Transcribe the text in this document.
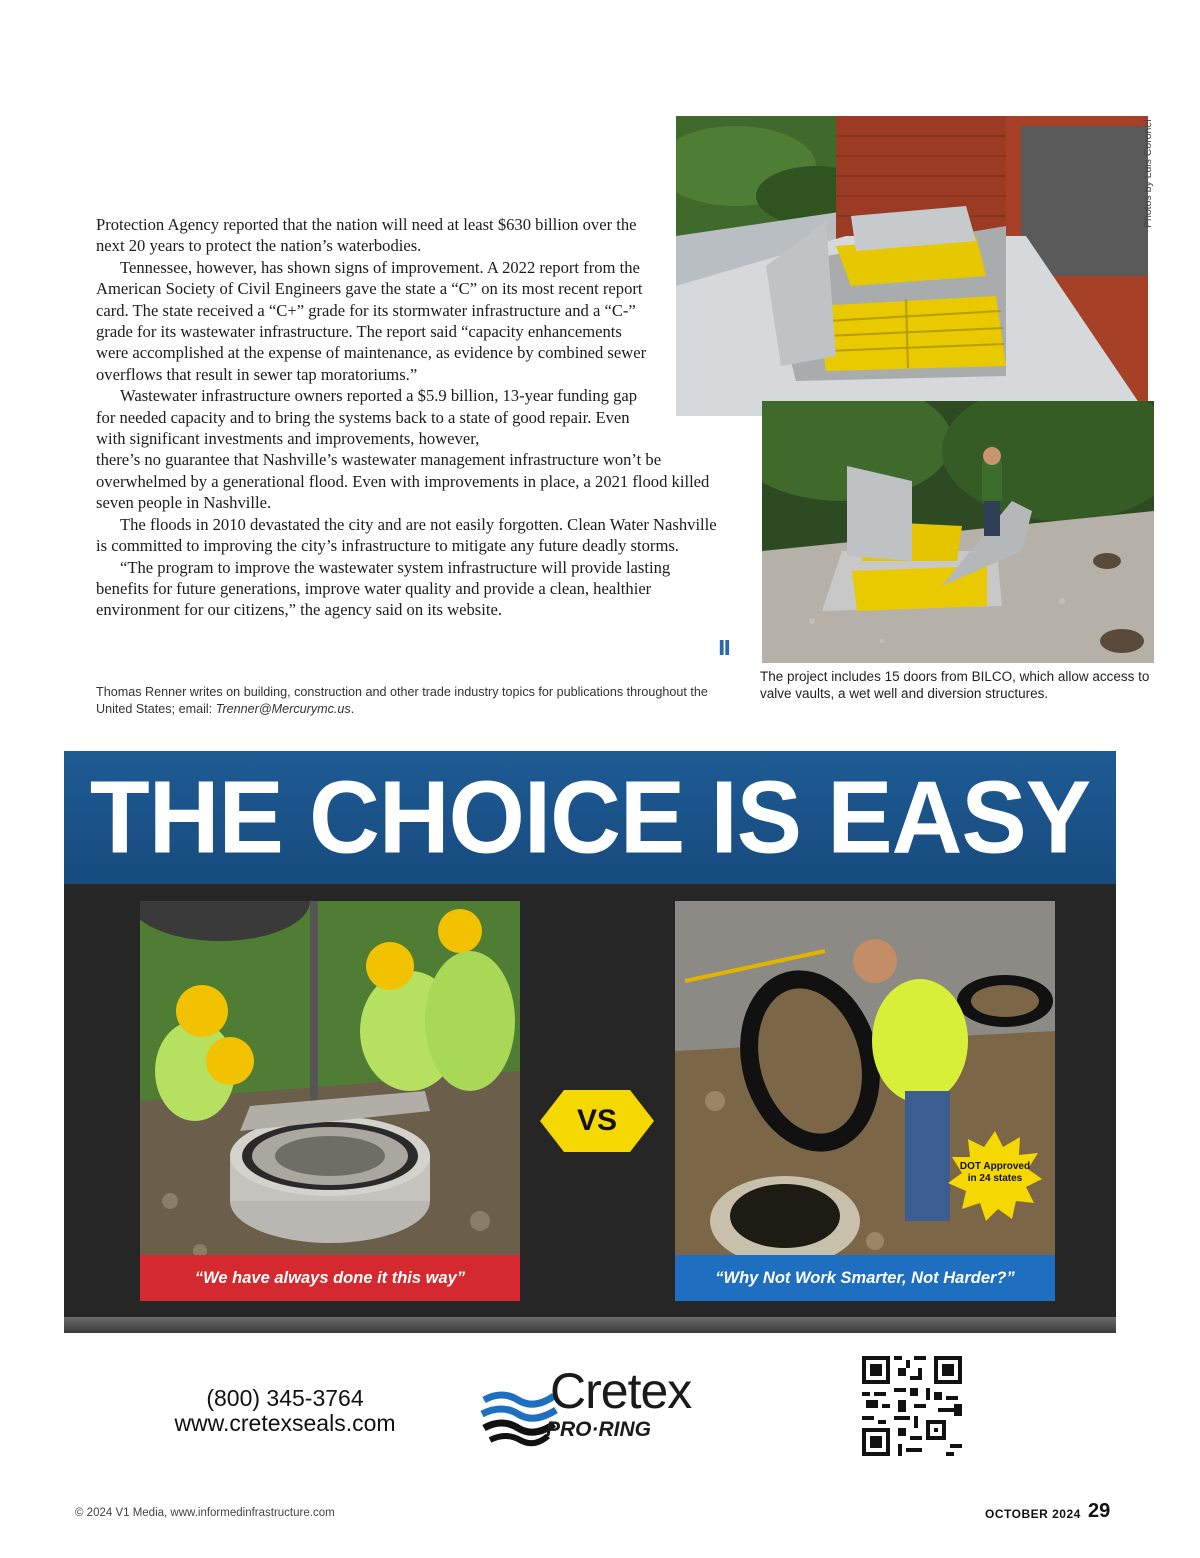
Protection Agency reported that the nation will need at least $630 billion over the next 20 years to protect the nation’s waterbodies.

Tennessee, however, has shown signs of improvement. A 2022 report from the American Society of Civil Engineers gave the state a “C” on its most recent report card. The state received a “C+” grade for its stormwater infrastructure and a “C-” grade for its wastewater infrastructure. The report said “capacity enhancements were accomplished at the expense of maintenance, as evidence by combined sewer overflows that result in sewer tap moratoriums.”

Wastewater infrastructure owners reported a $5.9 billion, 13-year funding gap for needed capacity and to bring the systems back to a state of good repair. Even with significant investments and improvements, however,

there’s no guarantee that Nashville’s wastewater management infrastructure won’t be overwhelmed by a generational flood. Even with improvements in place, a 2021 flood killed seven people in Nashville.

The floods in 2010 devastated the city and are not easily forgotten. Clean Water Nashville is committed to improving the city’s infrastructure to mitigate any future deadly storms.

“The program to improve the wastewater system infrastructure will provide lasting benefits for future generations, improve water quality and provide a clean, healthier environment for our citizens,” the agency said on its website.

II
Thomas Renner writes on building, construction and other trade industry topics for publications throughout the United States; email: Trenner@Mercurymc.us.
Photos by Luis Coronel
The project includes 15 doors from BILCO, which allow access to valve vaults, a wet well and diversion structures.
THE CHOICE IS EASY
“We have always done it this way”
VS
DOT Approved
in 24 states
“Why Not Work Smarter, Not Harder?”
(800) 345-3764
www.cretexseals.com
Cretex
PRO·RING
© 2024 V1 Media, www.informedinfrastructure.com	OCTOBER 2024 29
